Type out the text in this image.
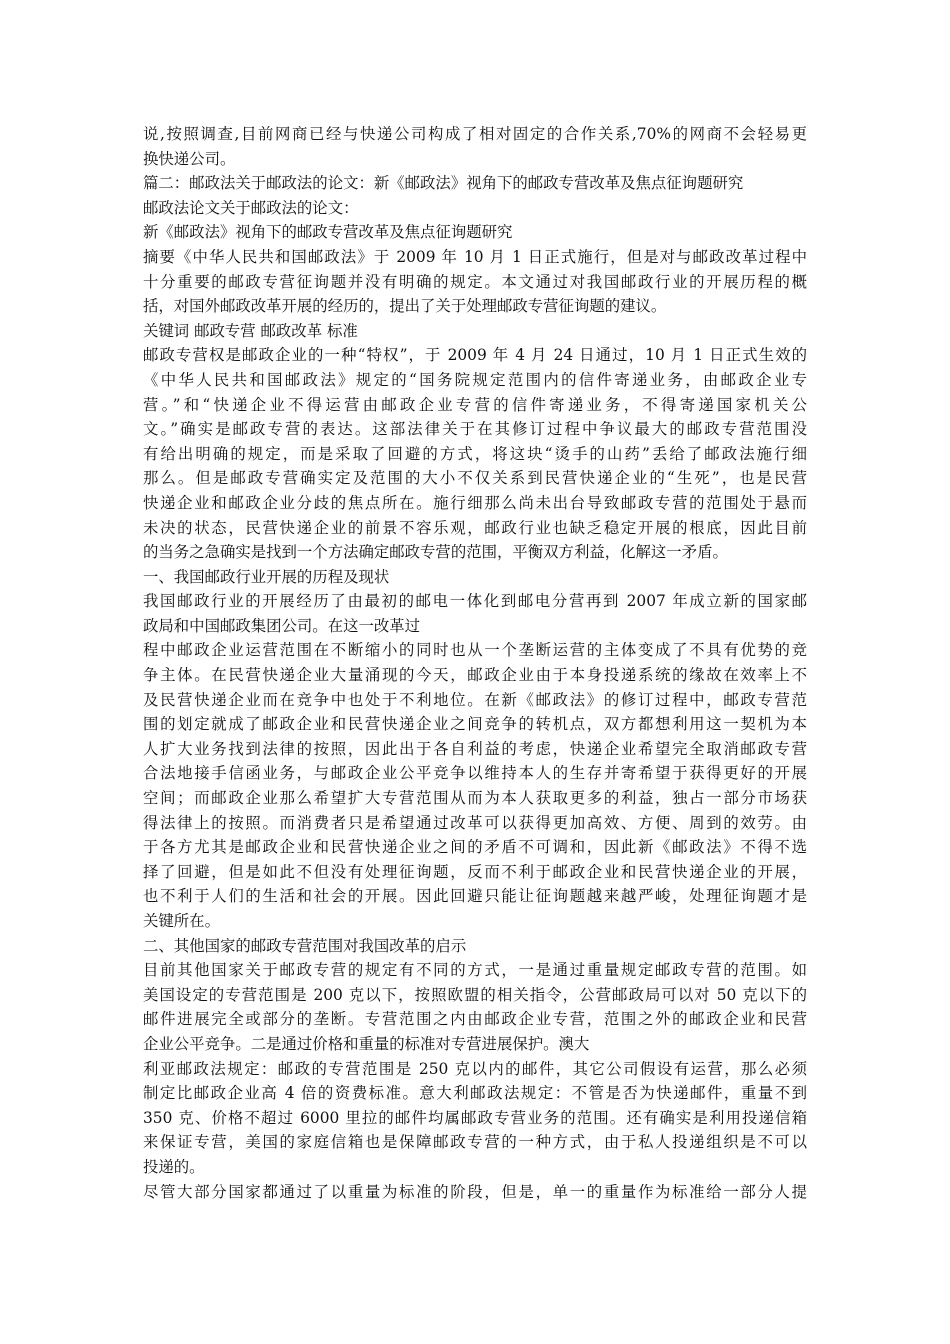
说,按照调查,目前网商已经与快递公司构成了相对固定的合作关系,70%的网商不会轻易更
换快递公司。
篇二：邮政法关于邮政法的论文：新《邮政法》视角下的邮政专营改革及焦点征询题研究
邮政法论文关于邮政法的论文：
新《邮政法》视角下的邮政专营改革及焦点征询题研究
摘要《中华人民共和国邮政法》于 2009 年 10 月 1 日正式施行，但是对与邮政改革过程中
十分重要的邮政专营征询题并没有明确的规定。本文通过对我国邮政行业的开展历程的概
括，对国外邮政改革开展的经历的，提出了关于处理邮政专营征询题的建议。
关键词 邮政专营 邮政改革 标准
邮政专营权是邮政企业的一种“特权”，于 2009 年 4 月 24 日通过，10 月 1 日正式生效的
《中华人民共和国邮政法》规定的“国务院规定范围内的信件寄递业务，由邮政企业专
营。”和“快递企业不得运营由邮政企业专营的信件寄递业务，不得寄递国家机关公
文。”确实是邮政专营的表达。这部法律关于在其修订过程中争议最大的邮政专营范围没
有给出明确的规定，而是采取了回避的方式，将这块“烫手的山药”丢给了邮政法施行细
那么。但是邮政专营确实定及范围的大小不仅关系到民营快递企业的“生死”，也是民营
快递企业和邮政企业分歧的焦点所在。施行细那么尚未出台导致邮政专营的范围处于悬而
未决的状态，民营快递企业的前景不容乐观，邮政行业也缺乏稳定开展的根底，因此目前
的当务之急确实是找到一个方法确定邮政专营的范围，平衡双方利益，化解这一矛盾。
一、我国邮政行业开展的历程及现状
我国邮政行业的开展经历了由最初的邮电一体化到邮电分营再到 2007 年成立新的国家邮
政局和中国邮政集团公司。在这一改革过
程中邮政企业运营范围在不断缩小的同时也从一个垄断运营的主体变成了不具有优势的竞
争主体。在民营快递企业大量涌现的今天，邮政企业由于本身投递系统的缘故在效率上不
及民营快递企业而在竞争中也处于不利地位。在新《邮政法》的修订过程中，邮政专营范
围的划定就成了邮政企业和民营快递企业之间竞争的转机点，双方都想利用这一契机为本
人扩大业务找到法律的按照，因此出于各自利益的考虑，快递企业希望完全取消邮政专营
合法地接手信函业务，与邮政企业公平竞争以维持本人的生存并寄希望于获得更好的开展
空间；而邮政企业那么希望扩大专营范围从而为本人获取更多的利益，独占一部分市场获
得法律上的按照。而消费者只是希望通过改革可以获得更加高效、方便、周到的效劳。由
于各方尤其是邮政企业和民营快递企业之间的矛盾不可调和，因此新《邮政法》不得不选
择了回避，但是如此不但没有处理征询题，反而不利于邮政企业和民营快递企业的开展，
也不利于人们的生活和社会的开展。因此回避只能让征询题越来越严峻，处理征询题才是
关键所在。
二、其他国家的邮政专营范围对我国改革的启示
目前其他国家关于邮政专营的规定有不同的方式，一是通过重量规定邮政专营的范围。如
美国设定的专营范围是 200 克以下，按照欧盟的相关指令，公营邮政局可以对 50 克以下的
邮件进展完全或部分的垄断。专营范围之内由邮政企业专营，范围之外的邮政企业和民营
企业公平竞争。二是通过价格和重量的标准对专营进展保护。澳大
利亚邮政法规定：邮政的专营范围是 250 克以内的邮件，其它公司假设有运营，那么必须
制定比邮政企业高 4 倍的资费标准。意大利邮政法规定：不管是否为快递邮件，重量不到
350 克、价格不超过 6000 里拉的邮件均属邮政专营业务的范围。还有确实是利用投递信箱
来保证专营，美国的家庭信箱也是保障邮政专营的一种方式，由于私人投递组织是不可以
投递的。
尽管大部分国家都通过了以重量为标准的阶段，但是，单一的重量作为标准给一部分人提
